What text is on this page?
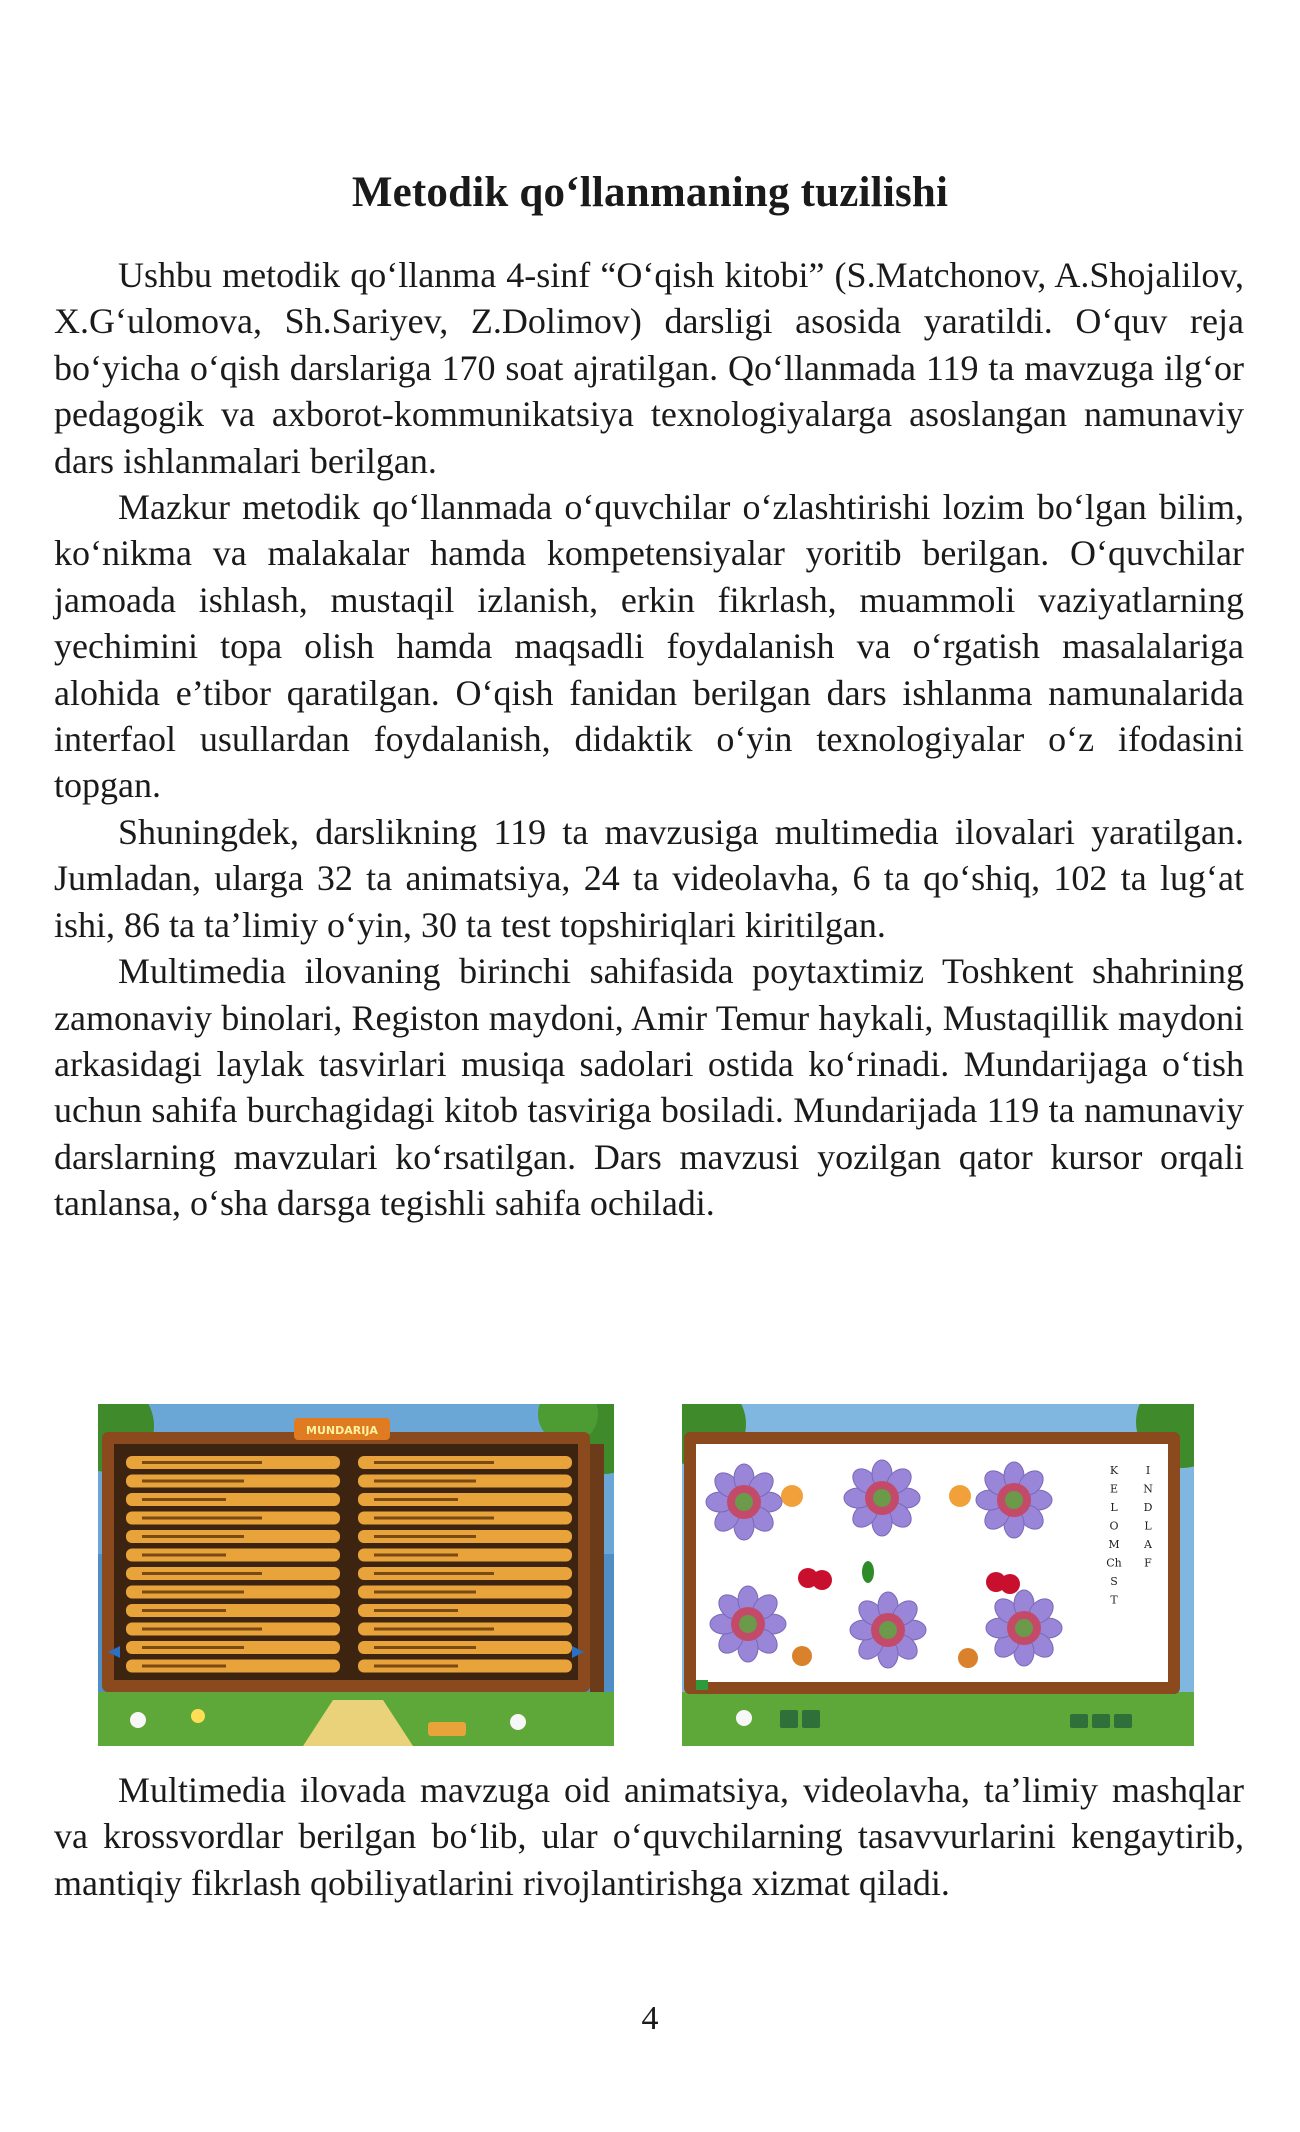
Metodik qo‘llanmaning tuzilishi

Ushbu metodik qo‘llanma 4-sinf “O‘qish kitobi” (S.Matchonov, A.Shojalilov, X.G‘ulomova, Sh.Sariyev, Z.Dolimov) darsligi asosida yaratildi. O‘quv reja bo‘yicha o‘qish darslariga 170 soat ajratilgan. Qo‘llanmada 119 ta mavzuga ilg‘or pedagogik va axborot-kommunikatsiya texnologiyalarga asoslangan namunaviy dars ishlanmalari berilgan.

Mazkur metodik qo‘llanmada o‘quvchilar o‘zlashtirishi lozim bo‘lgan bilim, ko‘nikma va malakalar hamda kompetensiyalar yoritib berilgan. O‘quvchilar jamoada ishlash, mustaqil izlanish, erkin fikrlash, muammoli vaziyatlarning yechimini topa olish hamda maqsadli foydalanish va o‘rgatish masalalariga alohida e’tibor qaratilgan. O‘qish fanidan berilgan dars ishlanma namunalarida interfaol usullardan foydalanish, didaktik o‘yin texnologiyalar o‘z ifodasini topgan.

Shuningdek, darslikning 119 ta mavzusiga multimedia ilovalari yaratilgan. Jumladan, ularga 32 ta animatsiya, 24 ta videolavha, 6 ta qo‘shiq, 102 ta lug‘at ishi, 86 ta ta’limiy o‘yin, 30 ta test topshiriqlari kiritilgan.

Multimedia ilovaning birinchi sahifasida poytaxtimiz Toshkent shahrining zamonaviy binolari, Registon maydoni, Amir Temur haykali, Mustaqillik maydoni arkasidagi laylak tasvirlari musiqa sadolari ostida ko‘rinadi. Mundarijaga o‘tish uchun sahifa burchagidagi kitob tasviriga bosiladi. Mundarijada 119 ta namunaviy darslarning mavzulari ko‘rsatilgan. Dars mavzusi yozilgan qator kursor orqali tanlansa, o‘sha darsga tegishli sahifa ochiladi.

MUNDARIJA
K
E
L
O
M
Ch
S
T
I
N
D
L
A
F

Multimedia ilovada mavzuga oid animatsiya, videolavha, ta’limiy mashqlar va krossvordlar berilgan bo‘lib, ular o‘quvchilarning tasavvurlarini kengaytirib, mantiqiy fikrlash qobiliyatlarini rivojlantirishga xizmat qiladi.

4
